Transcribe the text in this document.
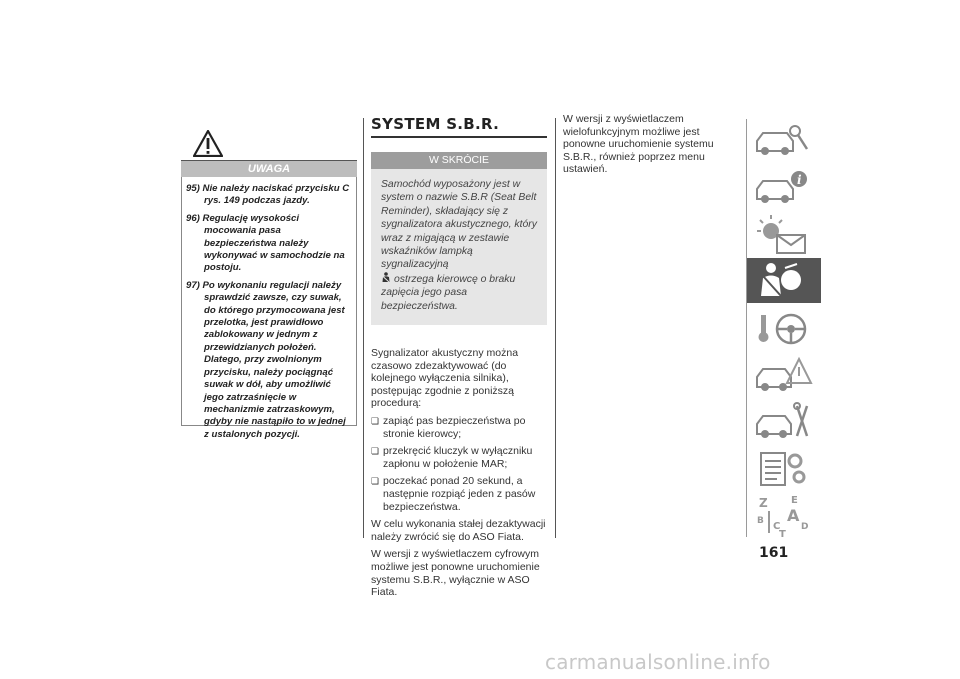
UWAGA
95) Nie należy naciskać przycisku C rys. 149 podczas jazdy.
96) Regulację wysokości mocowania pasa bezpieczeństwa należy wykonywać w samochodzie na postoju.
97) Po wykonaniu regulacji należy sprawdzić zawsze, czy suwak, do którego przymocowana jest przelotka, jest prawidłowo zablokowany w jednym z przewidzianych położeń. Dlatego, przy zwolnionym przycisku, należy pociągnąć suwak w dół, aby umożliwić jego zatrzaśnięcie w mechanizmie zatrzaskowym, gdyby nie nastąpiło to w jednej z ustalonych pozycji.
SYSTEM S.B.R.
W SKRÓCIE
Samochód wyposażony jest w system o nazwie S.B.R (Seat Belt Reminder), składający się z sygnalizatora akustycznego, który wraz z migającą w zestawie wskaźników lampką sygnalizacyjną
ostrzega kierowcę o braku zapięcia jego pasa bezpieczeństwa.
Sygnalizator akustyczny można czasowo zdezaktywować (do kolejnego wyłączenia silnika), postępując zgodnie z poniższą procedurą:
❏ zapiąć pas bezpieczeństwa po stronie kierowcy;
❏ przekręcić kluczyk w wyłączniku zapłonu w położenie MAR;
❏ poczekać ponad 20 sekund, a następnie rozpiąć jeden z pasów bezpieczeństwa.
W celu wykonania stałej dezaktywacji należy zwrócić się do ASO Fiata.
W wersji z wyświetlaczem cyfrowym możliwe jest ponowne uruchomienie systemu S.B.R., wyłącznie w ASO Fiata.
W wersji z wyświetlaczem wielofunkcyjnym możliwe jest ponowne uruchomienie systemu S.B.R., również poprzez menu ustawień.
i
Z E
B C
A
D
T
161
carmanualsonline.info
